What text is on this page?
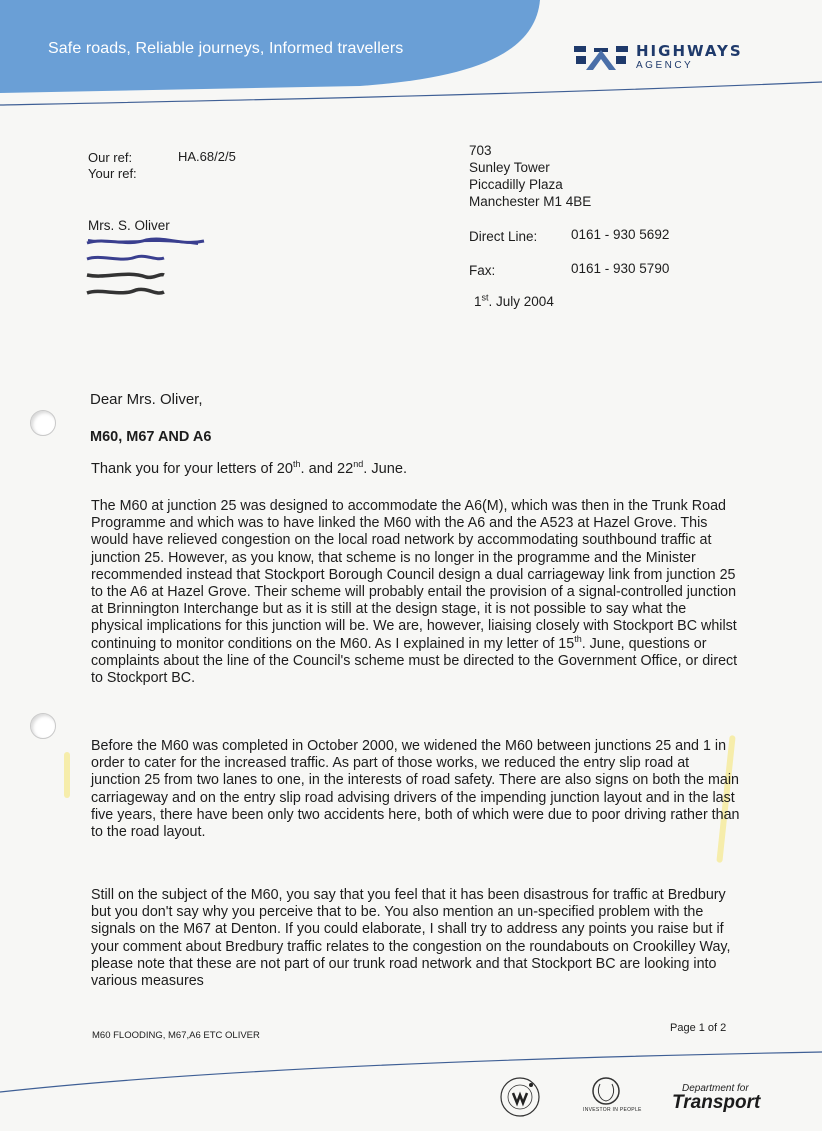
Safe roads, Reliable journeys, Informed travellers	HIGHWAYS
AGENCY
Our ref:	HA.68/2/5
Your ref:
703
Sunley Tower
Piccadilly Plaza
Manchester M1 4BE
Direct Line: 0161 - 930 5692
Fax:	0161 - 930 5790
1st. July 2004
Mrs. S. Oliver
Dear Mrs. Oliver,
M60, M67 AND A6

Thank you for your letters of 20th. and 22nd. June.

The M60 at junction 25 was designed to accommodate the A6(M), which was then in the Trunk Road Programme and which was to have linked the M60 with the A6 and the A523 at Hazel Grove. This would have relieved congestion on the local road network by accommodating southbound traffic at junction 25. However, as you know, that scheme is no longer in the programme and the Minister recommended instead that Stockport Borough Council design a dual carriageway link from junction 25 to the A6 at Hazel Grove. Their scheme will probably entail the provision of a signal-controlled junction at Brinnington Interchange but as it is still at the design stage, it is not possible to say what the physical implications for this junction will be. We are, however, liaising closely with Stockport BC whilst continuing to monitor conditions on the M60. As I explained in my letter of 15th. June, questions or complaints about the line of the Council's scheme must be directed to the Government Office, or direct to Stockport BC.

Before the M60 was completed in October 2000, we widened the M60 between junctions 25 and 1 in order to cater for the increased traffic. As part of those works, we reduced the entry slip road at junction 25 from two lanes to one, in the interests of road safety. There are also signs on both the main carriageway and on the entry slip road advising drivers of the impending junction layout and in the last five years, there have been only two accidents here, both of which were due to poor driving rather than to the road layout.

Still on the subject of the M60, you say that you feel that it has been disastrous for traffic at Bredbury but you don't say why you perceive that to be. You also mention an un-specified problem with the signals on the M67 at Denton. If you could elaborate, I shall try to address any points you raise but if your comment about Bredbury traffic relates to the congestion on the roundabouts on Crookilley Way, please note that these are not part of our trunk road network and that Stockport BC are looking into various measures

M60 FLOODING, M67,A6 ETC OLIVER
Page 1 of 2
INVESTOR IN PEOPLE
Department for
Transport
